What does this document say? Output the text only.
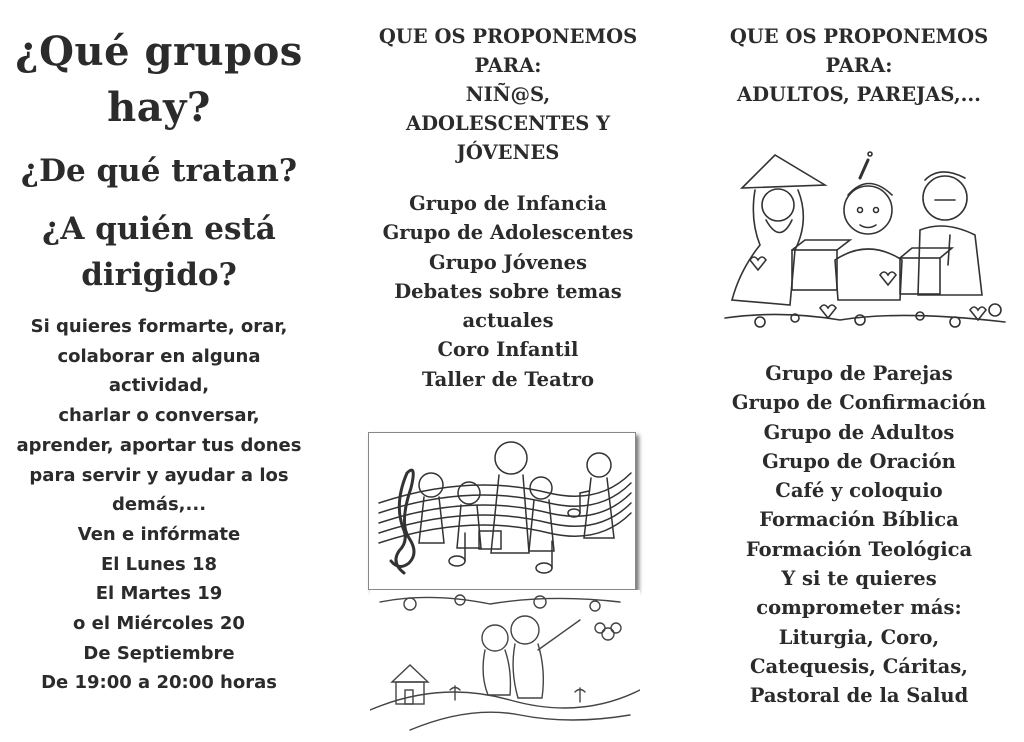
¿Qué grupos
hay?

¿De qué tratan?

¿A quién está
dirigido?

Si quieres formarte, orar,
colaborar en alguna
actividad,
charlar o conversar,
aprender, aportar tus dones
para servir y ayudar a los
demás,...
Ven e infórmate
El Lunes 18
El Martes 19
o el Miércoles 20
De Septiembre
De 19:00 a 20:00 horas

QUE OS PROPONEMOS
PARA:
NIÑ@S,
ADOLESCENTES Y
JÓVENES

Grupo de Infancia
Grupo de Adolescentes
Grupo Jóvenes
Debates sobre temas
actuales
Coro Infantil
Taller de Teatro

QUE OS PROPONEMOS
PARA:
ADULTOS, PAREJAS,...

Grupo de Parejas
Grupo de Confirmación
Grupo de Adultos
Grupo de Oración
Café y coloquio
Formación Bíblica
Formación Teológica
Y si te quieres
comprometer más:
Liturgia, Coro,
Catequesis, Cáritas,
Pastoral de la Salud
